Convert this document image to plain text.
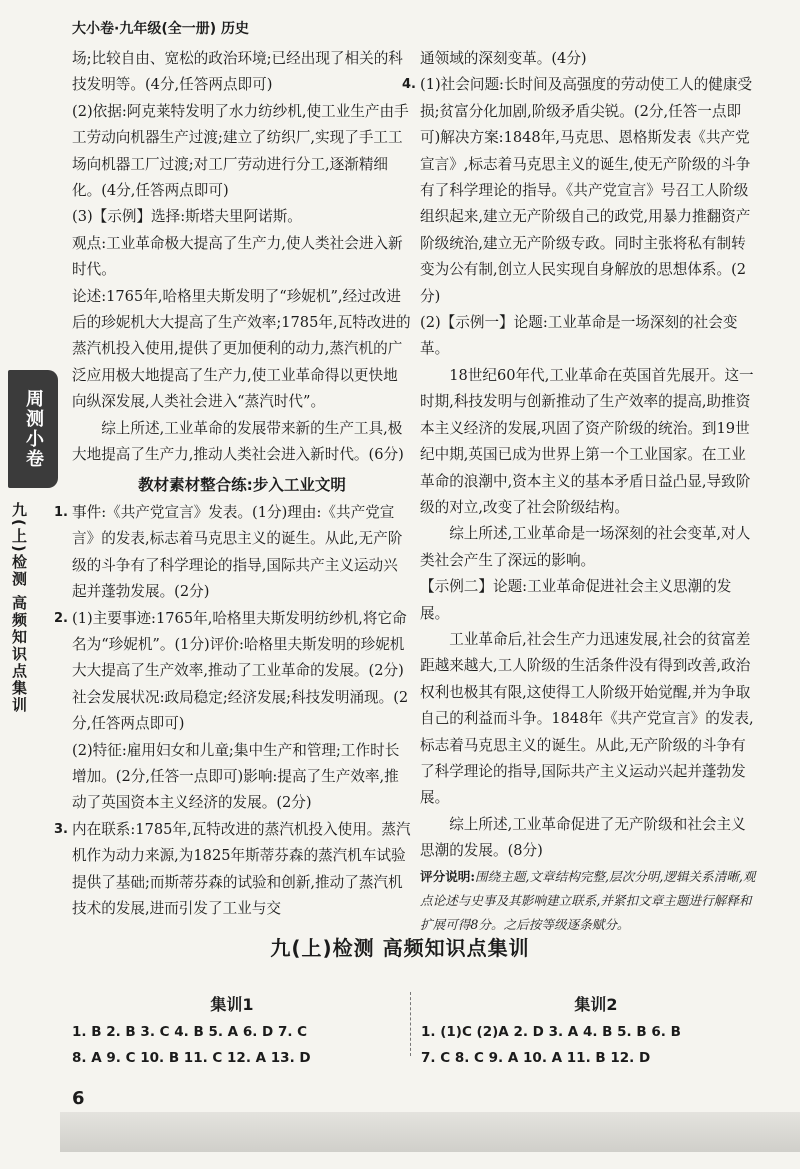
大小卷·九年级(全一册) 历史

场;比较自由、宽松的政治环境;已经出现了相关的科技发明等。(4分,任答两点即可)

(2)依据:阿克莱特发明了水力纺纱机,使工业生产由手工劳动向机器生产过渡;建立了纺织厂,实现了手工工场向机器工厂过渡;对工厂劳动进行分工,逐渐精细化。(4分,任答两点即可)

(3)【示例】选择:斯塔夫里阿诺斯。

观点:工业革命极大提高了生产力,使人类社会进入新时代。

论述:1765年,哈格里夫斯发明了“珍妮机”,经过改进后的珍妮机大大提高了生产效率;1785年,瓦特改进的蒸汽机投入使用,提供了更加便利的动力,蒸汽机的广泛应用极大地提高了生产力,使工业革命得以更快地向纵深发展,人类社会进入“蒸汽时代”。

综上所述,工业革命的发展带来新的生产工具,极大地提高了生产力,推动人类社会进入新时代。(6分)

教材素材整合练:步入工业文明
1. 事件:《共产党宣言》发表。(1分)理由:《共产党宣言》的发表,标志着马克思主义的诞生。从此,无产阶级的斗争有了科学理论的指导,国际共产主义运动兴起并蓬勃发展。(2分)

2. (1)主要事迹:1765年,哈格里夫斯发明纺纱机,将它命名为“珍妮机”。(1分)评价:哈格里夫斯发明的珍妮机大大提高了生产效率,推动了工业革命的发展。(2分)社会发展状况:政局稳定;经济发展;科技发明涌现。(2分,任答两点即可)

(2)特征:雇用妇女和儿童;集中生产和管理;工作时长增加。(2分,任答一点即可)影响:提高了生产效率,推动了英国资本主义经济的发展。(2分)

3. 内在联系:1785年,瓦特改进的蒸汽机投入使用。蒸汽机作为动力来源,为1825年斯蒂芬森的蒸汽机车试验提供了基础;而斯蒂芬森的试验和创新,推动了蒸汽机技术的发展,进而引发了工业与交

通领域的深刻变革。(4分)

4. (1)社会问题:长时间及高强度的劳动使工人的健康受损;贫富分化加剧,阶级矛盾尖锐。(2分,任答一点即可)解决方案:1848年,马克思、恩格斯发表《共产党宣言》,标志着马克思主义的诞生,使无产阶级的斗争有了科学理论的指导。《共产党宣言》号召工人阶级组织起来,建立无产阶级自己的政党,用暴力推翻资产阶级统治,建立无产阶级专政。同时主张将私有制转变为公有制,创立人民实现自身解放的思想体系。(2分)

(2)【示例一】论题:工业革命是一场深刻的社会变革。

18世纪60年代,工业革命在英国首先展开。这一时期,科技发明与创新推动了生产效率的提高,助推资本主义经济的发展,巩固了资产阶级的统治。到19世纪中期,英国已成为世界上第一个工业国家。在工业革命的浪潮中,资本主义的基本矛盾日益凸显,导致阶级的对立,改变了社会阶级结构。

综上所述,工业革命是一场深刻的社会变革,对人类社会产生了深远的影响。

【示例二】论题:工业革命促进社会主义思潮的发展。

工业革命后,社会生产力迅速发展,社会的贫富差距越来越大,工人阶级的生活条件没有得到改善,政治权利也极其有限,这使得工人阶级开始觉醒,并为争取自己的利益而斗争。1848年《共产党宣言》的发表,标志着马克思主义的诞生。从此,无产阶级的斗争有了科学理论的指导,国际共产主义运动兴起并蓬勃发展。

综上所述,工业革命促进了无产阶级和社会主义思潮的发展。(8分)

评分说明:围绕主题,文章结构完整,层次分明,逻辑关系清晰,观点论述与史事及其影响建立联系,并紧扣文章主题进行解释和扩展可得8分。之后按等级逐条赋分。

周测小卷
九(上)检测 高频知识点集训
九(上)检测 高频知识点集训
集训1
1. B 2. B 3. C 4. B 5. A 6. D 7. C
8. A 9. C 10. B 11. C 12. A 13. D
集训2
1. (1)C (2)A 2. D 3. A 4. B 5. B 6. B
7. C 8. C 9. A 10. A 11. B 12. D
6
